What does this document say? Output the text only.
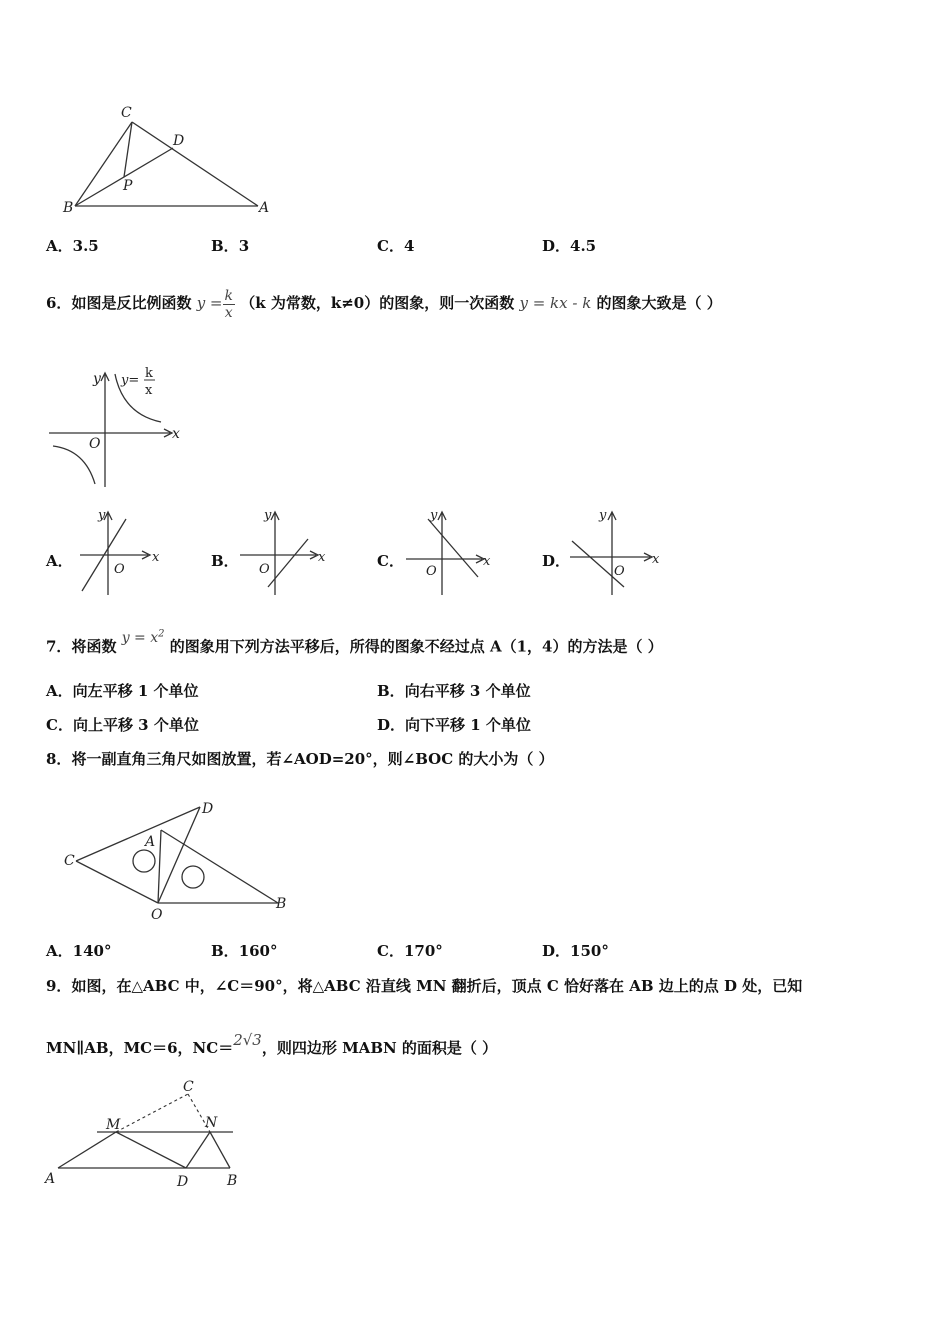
C
D
P
B	A
A．3.5	B．3	C．4	D．4.5
6．如图是反比例函数 $y = \frac{k}{x} (k$ 为常数，k≠0）的图象，则一次函数 y = kx - k 的图象大致是（ ）
y y= k
x
O
x
A．
y
O
x	B．
y
O
x	C．
y
O
x	D．
y
O
x
7．将函数 $y = x^2$ 的图象用下列方法平移后，所得的图象不经过点 A（1，4）的方法是（ ）
A．向左平移 1 个单位	B．向右平移 3 个单位
C．向上平移 3 个单位	D．向下平移 1 个单位
8．将一副直角三角尺如图放置，若∠AOD=20°，则∠BOC 的大小为（ ）
D
A
C
O
B
A．140°	B．160°	C．170°	D．150°
9．如图，在△ABC 中，∠C＝90°，将△ABC 沿直线 MN 翻折后，顶点 C 恰好落在 AB 边上的点 D 处，已知
MN∥AB，MC＝6，NC＝2√3，则四边形 MABN 的面积是（ ）
C
M	N
A	D	B
